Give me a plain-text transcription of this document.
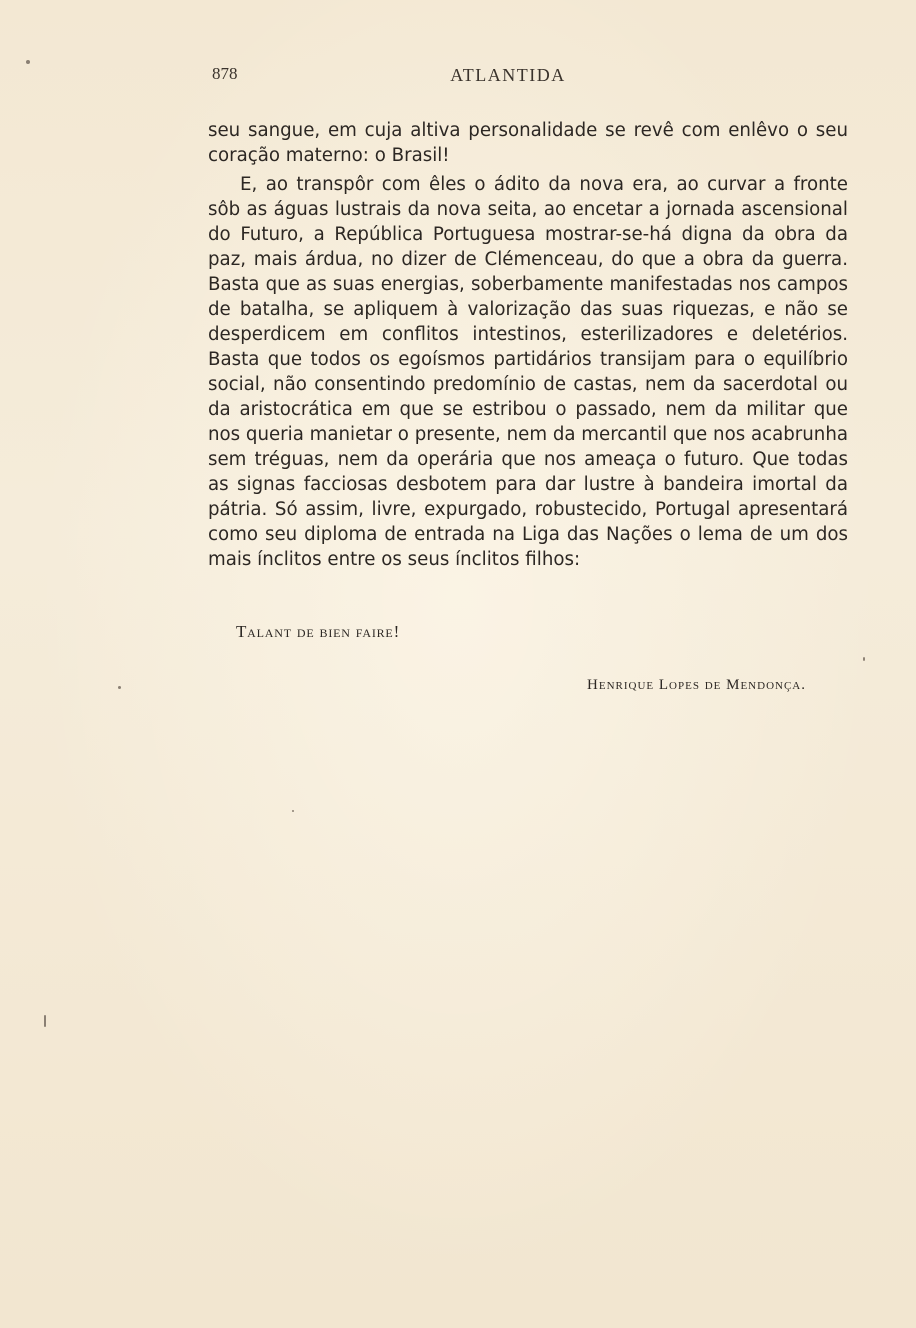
878	ATLANTIDA

seu sangue, em cuja altiva personalidade se revê com enlêvo o seu coração materno: o Brasil!

E, ao transpôr com êles o ádito da nova era, ao curvar a fronte sôb as águas lustrais da nova seita, ao encetar a jornada ascensional do Futuro, a República Portuguesa mostrar-se-há digna da obra da paz, mais árdua, no dizer de Clémenceau, do que a obra da guerra. Basta que as suas energias, soberbamente manifestadas nos campos de batalha, se apliquem à valorização das suas riquezas, e não se desperdicem em conflitos intestinos, esterilizadores e deletérios. Basta que todos os egoísmos partidários transijam para o equilíbrio social, não consentindo predomínio de castas, nem da sacerdotal ou da aristocrática em que se estribou o passado, nem da militar que nos queria manietar o presente, nem da mercantil que nos acabrunha sem tréguas, nem da operária que nos ameaça o futuro. Que todas as signas facciosas desbotem para dar lustre à bandeira imortal da pátria. Só assim, livre, expurgado, robustecido, Portugal apresentará como seu diploma de entrada na Liga das Nações o lema de um dos mais ínclitos entre os seus ínclitos filhos:

Talant de bien faire!
Henrique Lopes de Mendonça.
